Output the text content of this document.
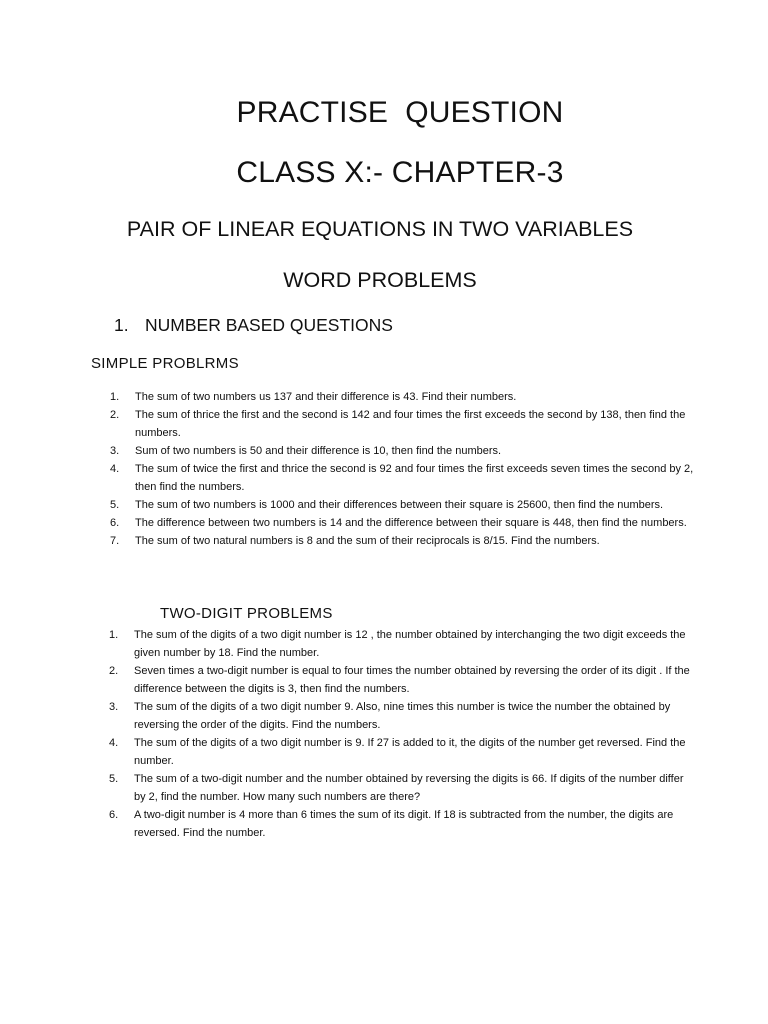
PRACTISE  QUESTION
CLASS X:- CHAPTER-3
PAIR OF LINEAR EQUATIONS IN TWO VARIABLES
WORD PROBLEMS
1. NUMBER BASED QUESTIONS
SIMPLE PROBLRMS
1. The sum of two numbers us 137 and their difference is 43. Find their numbers.
2. The sum of thrice the first and the second is 142 and four times the first exceeds the second by 138, then find the numbers.
3. Sum of two numbers is 50 and their difference is 10, then find the numbers.
4. The sum of twice the first and thrice the second is 92 and four times the first exceeds seven times the second by 2, then find the numbers.
5. The sum of two numbers is 1000 and their differences between their square is 25600, then find the numbers.
6. The difference between two numbers is 14 and the difference between their square is 448, then find the numbers.
7. The sum of two natural numbers is 8 and the sum of their reciprocals is 8/15. Find the numbers.
TWO-DIGIT PROBLEMS
1. The sum of the digits of a two digit number is 12 , the number obtained by interchanging the two digit exceeds the given number by 18. Find the number.
2. Seven times a two-digit number is equal to four times the number obtained by reversing the order of its digit . If the difference between the digits is 3, then find the numbers.
3. The sum of the digits of a two digit number 9. Also, nine times this number is twice the number the obtained by reversing the order of the digits. Find the numbers.
4. The sum of the digits of a two digit number is 9. If 27 is added to it, the digits of the number get reversed. Find the number.
5. The sum of a two-digit number and the number obtained by reversing the digits is 66. If digits of the number differ by 2, find the number. How many such numbers are there?
6. A two-digit number is 4 more than 6 times the sum of its digit. If 18 is subtracted from the number, the digits are reversed. Find the number.
